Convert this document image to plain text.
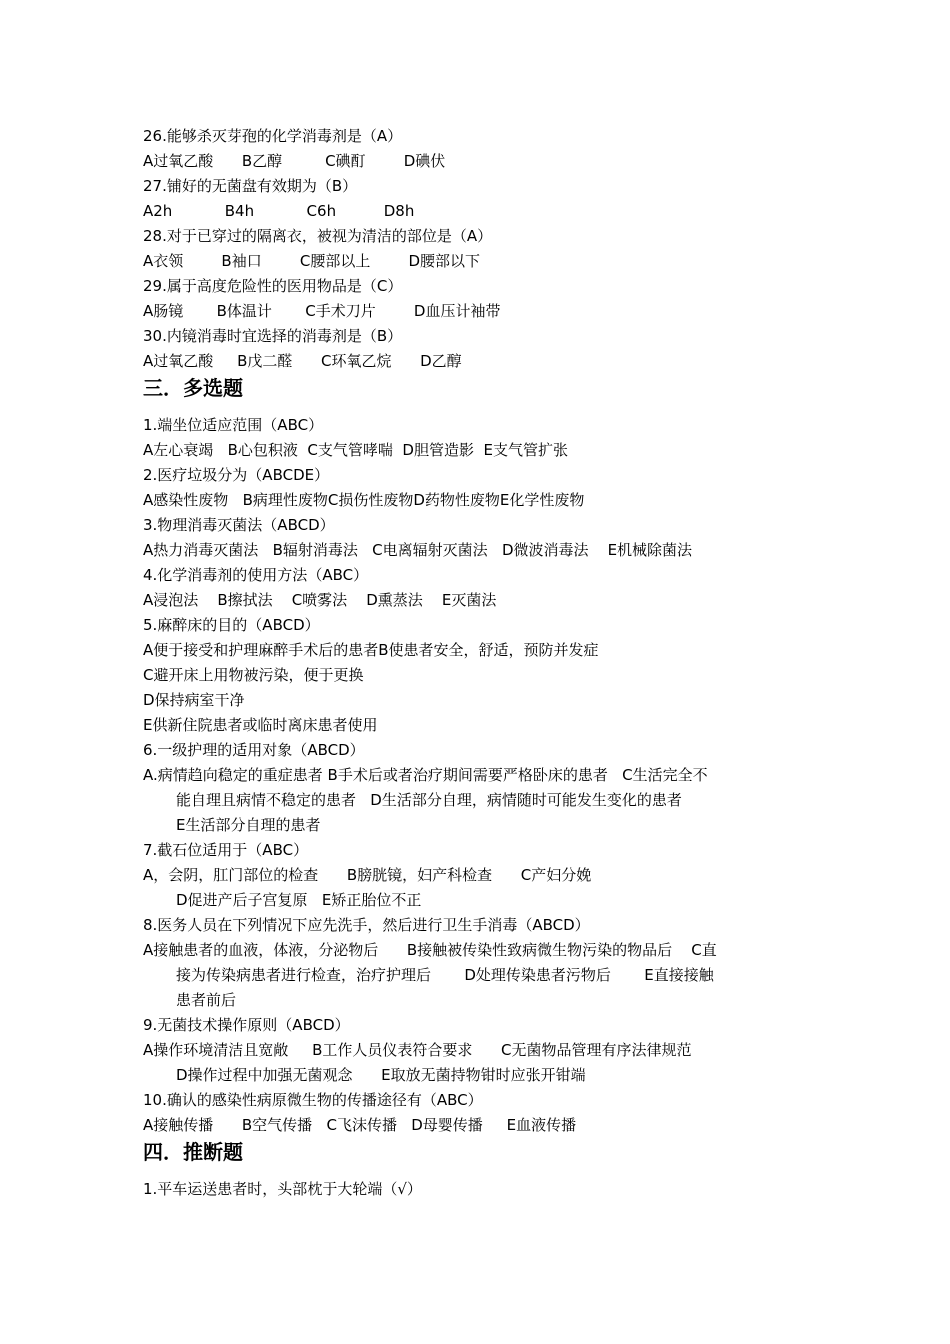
26.能够杀灭芽孢的化学消毒剂是（A）
A过氧乙酸      B乙醇         C碘酊        D碘伏
27.铺好的无菌盘有效期为（B）
A2h           B4h           C6h          D8h
28.对于已穿过的隔离衣，被视为清洁的部位是（A）
A衣领        B袖口        C腰部以上        D腰部以下
29.属于高度危险性的医用物品是（C）
A肠镜       B体温计       C手术刀片        D血压计袖带
30.内镜消毒时宜选择的消毒剂是（B）
A过氧乙酸     B戊二醛      C环氧乙烷      D乙醇
三．多选题
1.端坐位适应范围（ABC）
A左心衰竭   B心包积液  C支气管哮喘  D胆管造影  E支气管扩张
2.医疗垃圾分为（ABCDE）
A感染性废物   B病理性废物C损伤性废物D药物性废物E化学性废物
3.物理消毒灭菌法（ABCD）
A热力消毒灭菌法   B辐射消毒法   C电离辐射灭菌法   D微波消毒法    E机械除菌法
4.化学消毒剂的使用方法（ABC）
A浸泡法    B擦拭法    C喷雾法    D熏蒸法    E灭菌法
5.麻醉床的目的（ABCD）
A便于接受和护理麻醉手术后的患者B使患者安全，舒适，预防并发症
C避开床上用物被污染，便于更换
D保持病室干净
E供新住院患者或临时离床患者使用
6.一级护理的适用对象（ABCD）
A.病情趋向稳定的重症患者 B手术后或者治疗期间需要严格卧床的患者   C生活完全不
能自理且病情不稳定的患者   D生活部分自理，病情随时可能发生变化的患者
E生活部分自理的患者
7.截石位适用于（ABC）
A，会阴，肛门部位的检查      B膀胱镜，妇产科检查      C产妇分娩
D促进产后子宫复原   E矫正胎位不正
8.医务人员在下列情况下应先洗手，然后进行卫生手消毒（ABCD）
A接触患者的血液，体液，分泌物后      B接触被传染性致病微生物污染的物品后    C直
接为传染病患者进行检查，治疗护理后       D处理传染患者污物后       E直接接触
患者前后
9.无菌技术操作原则（ABCD）
A操作环境清洁且宽敞     B工作人员仪表符合要求      C无菌物品管理有序法律规范
D操作过程中加强无菌观念      E取放无菌持物钳时应张开钳端
10.确认的感染性病原微生物的传播途径有（ABC）
A接触传播      B空气传播   C飞沫传播   D母婴传播     E血液传播
四．推断题
1.平车运送患者时，头部枕于大轮端（√）
